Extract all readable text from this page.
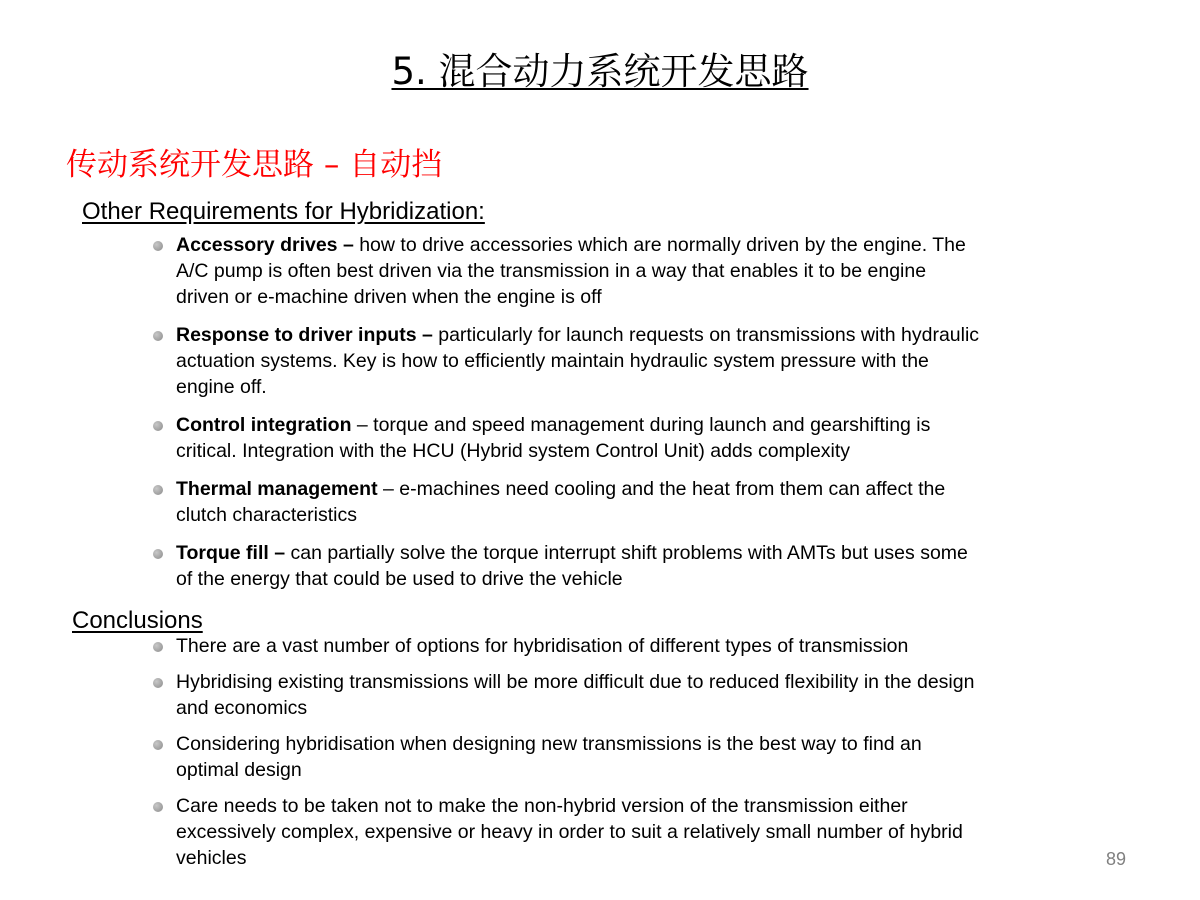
5. 混合动力系统开发思路
传动系统开发思路 – 自动挡
Other Requirements for Hybridization:
Accessory drives – how to drive accessories which are normally driven by the engine. The A/C pump is often best driven via the transmission in a way that enables it to be engine driven or e-machine driven when the engine is off
Response to driver inputs – particularly for launch requests on transmissions with hydraulic actuation systems. Key is how to efficiently maintain hydraulic system pressure with the engine off.
Control integration – torque and speed management during launch and gearshifting is critical. Integration with the HCU (Hybrid system Control Unit) adds complexity
Thermal management – e-machines need cooling and the heat from them can affect the clutch characteristics
Torque fill – can partially solve the torque interrupt shift problems with AMTs but uses some of the energy that could be used to drive the vehicle
Conclusions
There are a vast number of options for hybridisation of different types of transmission
Hybridising existing transmissions will be more difficult due to reduced flexibility in the design and economics
Considering hybridisation when designing new transmissions is the best way to find an optimal design
Care needs to be taken not to make the non-hybrid version of the transmission either excessively complex, expensive or heavy in order to suit a relatively small number of hybrid vehicles	89
